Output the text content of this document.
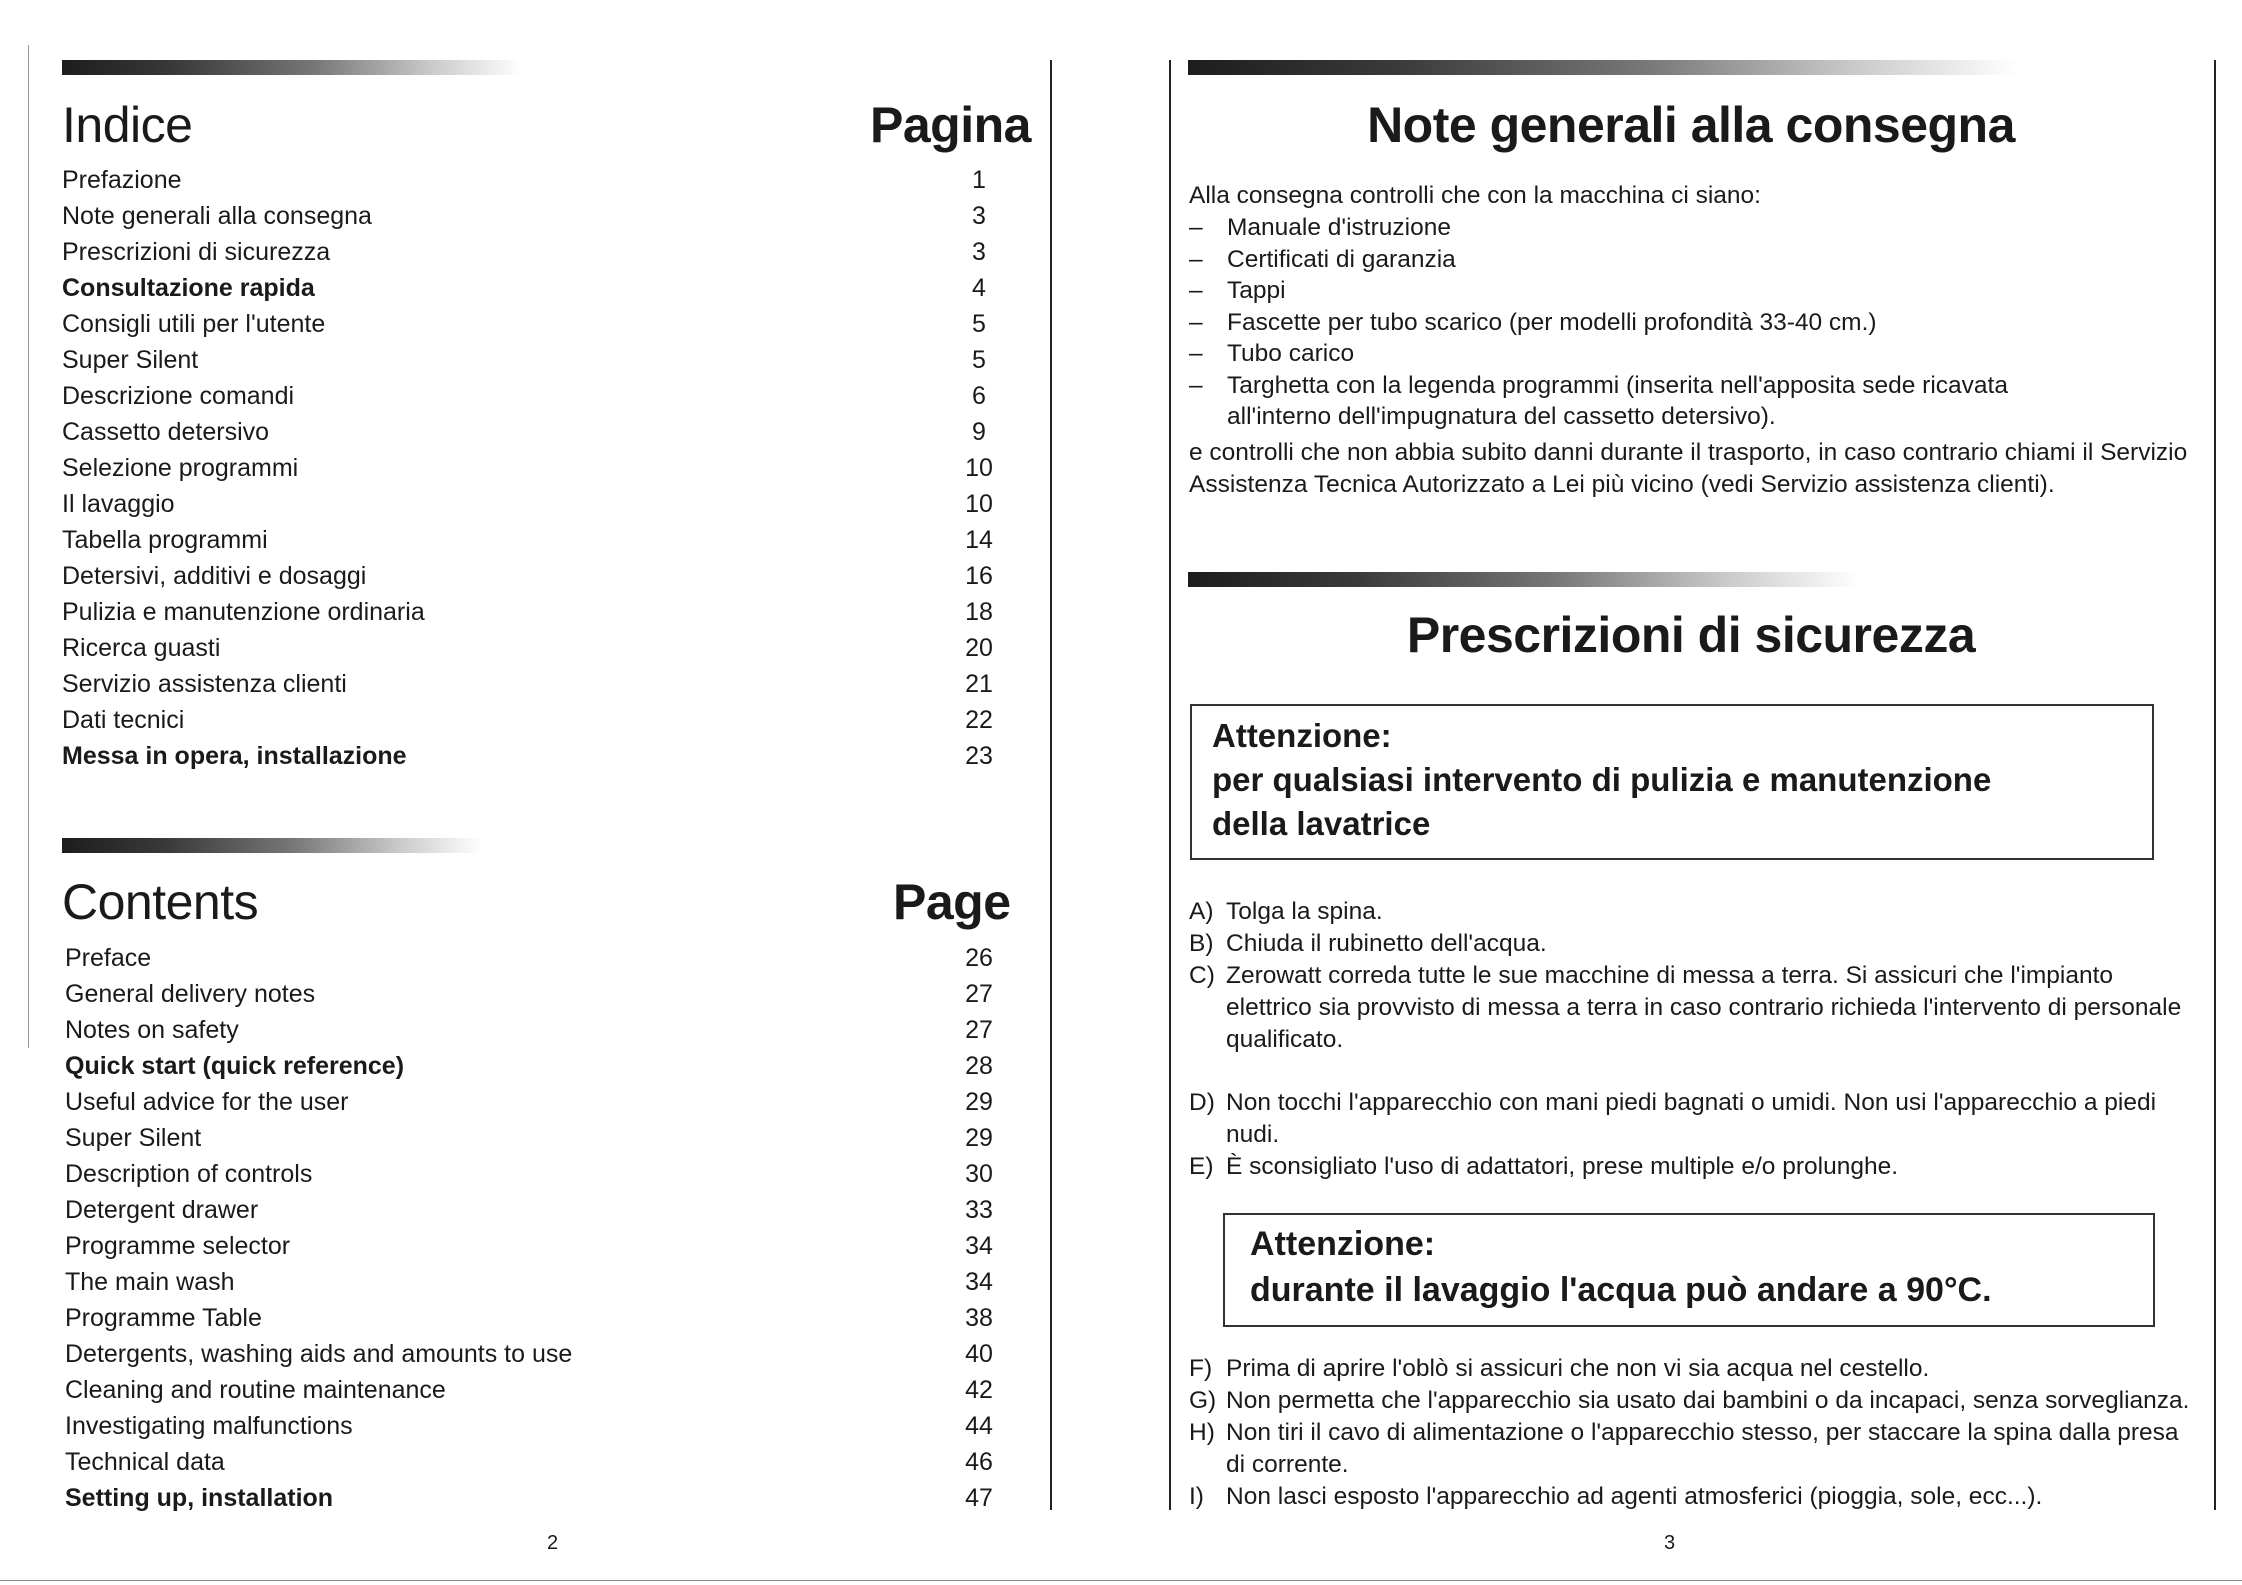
Indice	Pagina
Prefazione	1
Note generali alla consegna	3
Prescrizioni di sicurezza	3
Consultazione rapida	4
Consigli utili per l'utente	5
Super Silent	5
Descrizione comandi	6
Cassetto detersivo	9
Selezione programmi	10
Il lavaggio	10
Tabella programmi	14
Detersivi, additivi e dosaggi	16
Pulizia e manutenzione ordinaria	18
Ricerca guasti	20
Servizio assistenza clienti	21
Dati tecnici	22
Messa in opera, installazione	23
Contents	Page
Preface	26
General delivery notes	27
Notes on safety	27
Quick start (quick reference)	28
Useful advice for the user	29
Super Silent	29
Description of controls	30
Detergent drawer	33
Programme selector	34
The main wash	34
Programme Table	38
Detergents, washing aids and amounts to use	40
Cleaning and routine maintenance	42
Investigating malfunctions	44
Technical data	46
Setting up, installation	47
2
Note generali alla consegna

Alla consegna controlli che con la macchina ci siano:

– Manuale d'istruzione
– Certificati di garanzia
– Tappi
– Fascette per tubo scarico (per modelli profondità 33-40 cm.)
– Tubo carico
– Targhetta con la legenda programmi (inserita nell'apposita sede ricavata all'interno dell'impugnatura del cassetto detersivo).

e controlli che non abbia subito danni durante il trasporto, in caso contrario chiami il Servizio Assistenza Tecnica Autorizzato a Lei più vicino (vedi Servizio assistenza clienti).

Prescrizioni di sicurezza
Attenzione:
per qualsiasi intervento di pulizia e manutenzione
della lavatrice
A) Tolga la spina.
B) Chiuda il rubinetto dell'acqua.
C) Zerowatt correda tutte le sue macchine di messa a terra. Si assicuri che l'impianto elettrico sia provvisto di messa a terra in caso contrario richieda l'intervento di personale qualificato.
D) Non tocchi l'apparecchio con mani piedi bagnati o umidi. Non usi l'apparecchio a piedi nudi.
E) È sconsigliato l'uso di adattatori, prese multiple e/o prolunghe.
Attenzione:
durante il lavaggio l'acqua può andare a 90°C.
F) Prima di aprire l'oblò si assicuri che non vi sia acqua nel cestello.
G) Non permetta che l'apparecchio sia usato dai bambini o da incapaci, senza sorveglianza.
H) Non tiri il cavo di alimentazione o l'apparecchio stesso, per staccare la spina dalla presa di corrente.
I) Non lasci esposto l'apparecchio ad agenti atmosferici (pioggia, sole, ecc...).
3
